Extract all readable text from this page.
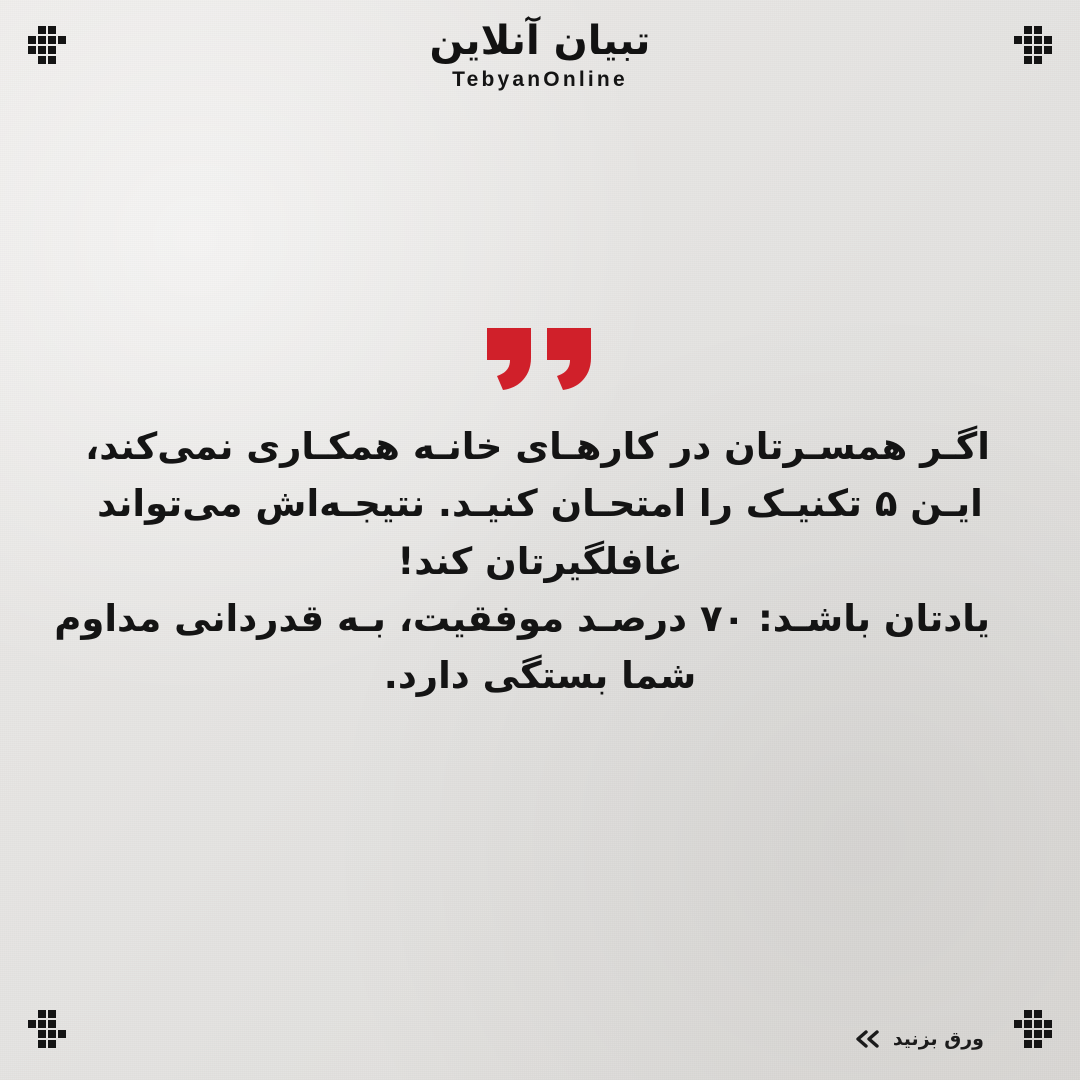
تبیان آنلاین
TebyanOnline
اگـر همسـرتان در کارهـای خانـه همکـاری نمی‌کند،
ایـن ۵ تکنیـک را امتحـان کنیـد. نتیجـه‌اش می‌تواند
غافلگیرتان کند!
یادتان باشـد: ۷۰ درصـد موفقیت، بـه قدردانی مداوم
شما بستگی دارد.
ورق بزنید
